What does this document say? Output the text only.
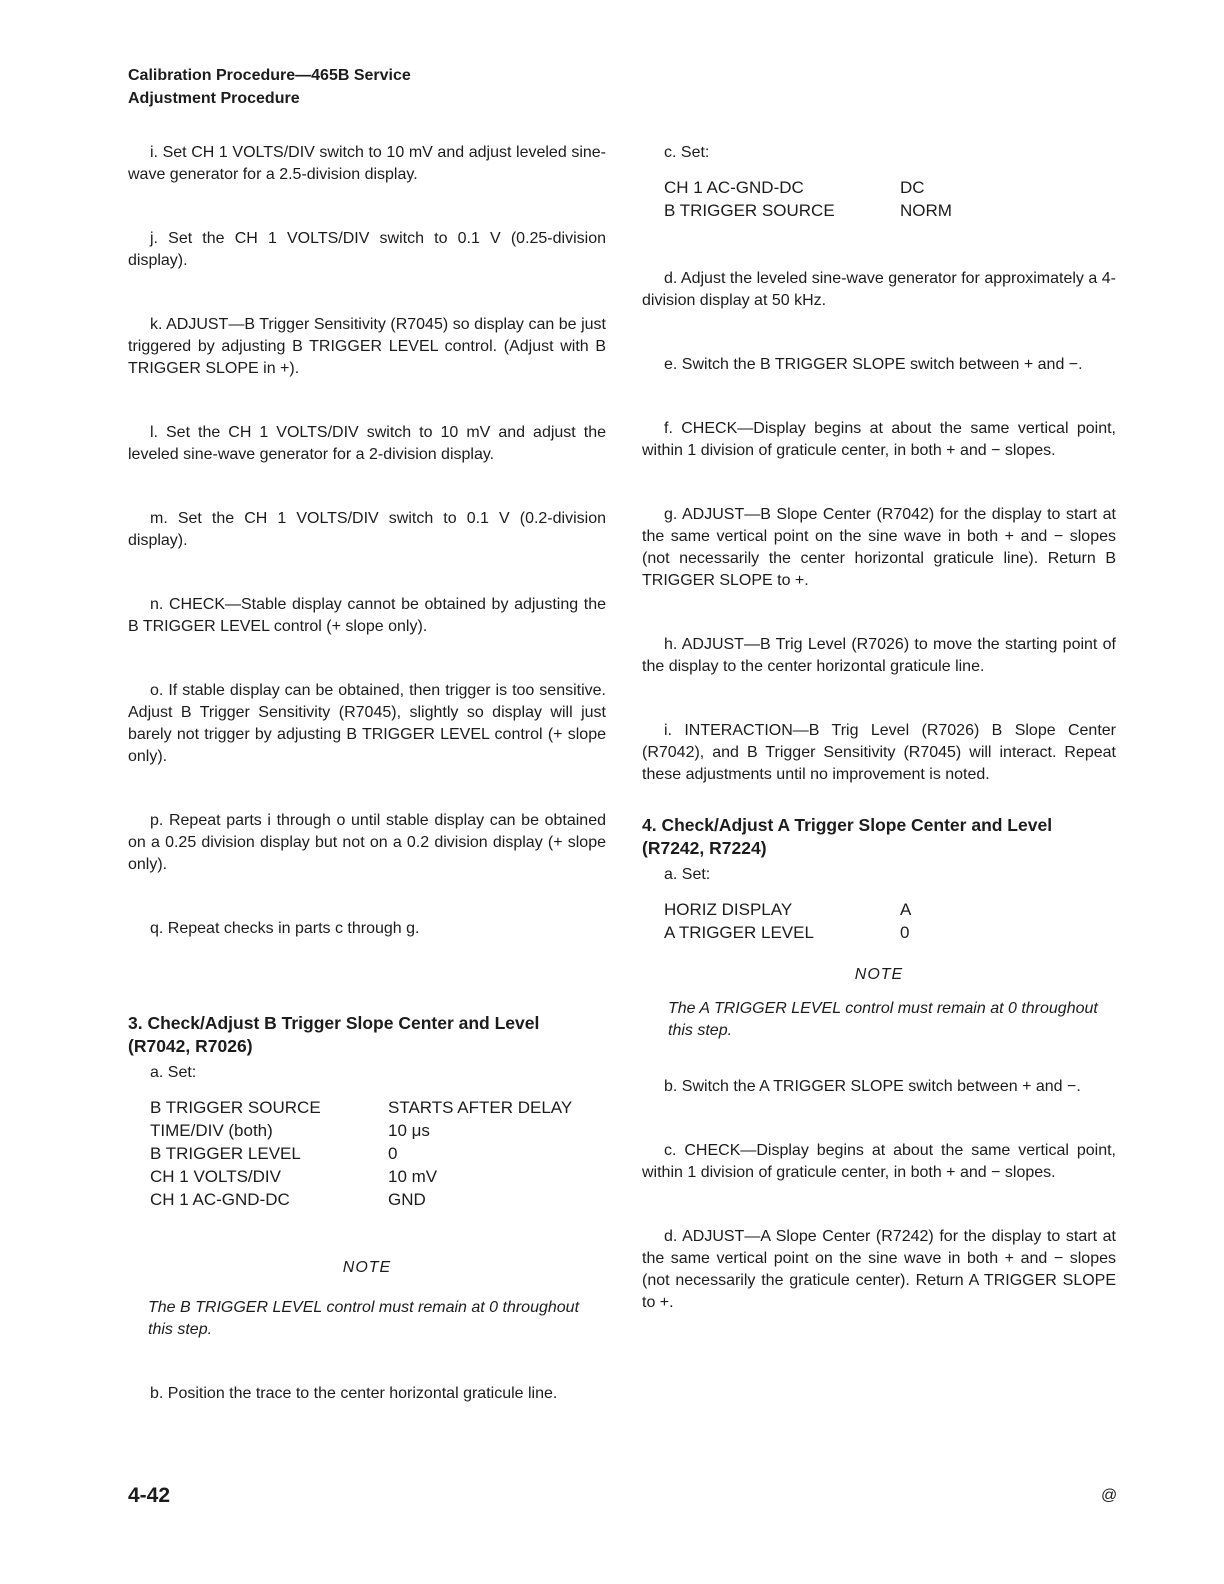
Calibration Procedure—465B Service
Adjustment Procedure

i. Set CH 1 VOLTS/DIV switch to 10 mV and adjust leveled sine-wave generator for a 2.5-division display.

j. Set the CH 1 VOLTS/DIV switch to 0.1 V (0.25-division display).

k. ADJUST—B Trigger Sensitivity (R7045) so display can be just triggered by adjusting B TRIGGER LEVEL control. (Adjust with B TRIGGER SLOPE in +).

l. Set the CH 1 VOLTS/DIV switch to 10 mV and adjust the leveled sine-wave generator for a 2-division display.

m. Set the CH 1 VOLTS/DIV switch to 0.1 V (0.2-division display).

n. CHECK—Stable display cannot be obtained by adjusting the B TRIGGER LEVEL control (+ slope only).

o. If stable display can be obtained, then trigger is too sensitive. Adjust B Trigger Sensitivity (R7045), slightly so display will just barely not trigger by adjusting B TRIGGER LEVEL control (+ slope only).

p. Repeat parts i through o until stable display can be obtained on a 0.25 division display but not on a 0.2 division display (+ slope only).

q. Repeat checks in parts c through g.

3. Check/Adjust B Trigger Slope Center and Level (R7042, R7026)
a. Set:
B TRIGGER SOURCE	STARTS AFTER DELAY
TIME/DIV (both)	10 μs
B TRIGGER LEVEL	0
CH 1 VOLTS/DIV	10 mV
CH 1 AC-GND-DC	GND
NOTE
The B TRIGGER LEVEL control must remain at 0 throughout this step.

b. Position the trace to the center horizontal graticule line.

c. Set:
CH 1 AC-GND-DC	DC
B TRIGGER SOURCE	NORM

d. Adjust the leveled sine-wave generator for approximately a 4-division display at 50 kHz.

e. Switch the B TRIGGER SLOPE switch between + and −.

f. CHECK—Display begins at about the same vertical point, within 1 division of graticule center, in both + and − slopes.

g. ADJUST—B Slope Center (R7042) for the display to start at the same vertical point on the sine wave in both + and − slopes (not necessarily the center horizontal graticule line). Return B TRIGGER SLOPE to +.

h. ADJUST—B Trig Level (R7026) to move the starting point of the display to the center horizontal graticule line.

i. INTERACTION—B Trig Level (R7026) B Slope Center (R7042), and B Trigger Sensitivity (R7045) will interact. Repeat these adjustments until no improvement is noted.

4. Check/Adjust A Trigger Slope Center and Level (R7242, R7224)
a. Set:
HORIZ DISPLAY	A
A TRIGGER LEVEL	0
NOTE
The A TRIGGER LEVEL control must remain at 0 throughout this step.

b. Switch the A TRIGGER SLOPE switch between + and −.

c. CHECK—Display begins at about the same vertical point, within 1 division of graticule center, in both + and − slopes.

d. ADJUST—A Slope Center (R7242) for the display to start at the same vertical point on the sine wave in both + and − slopes (not necessarily the graticule center). Return A TRIGGER SLOPE to +.

4-42	@
